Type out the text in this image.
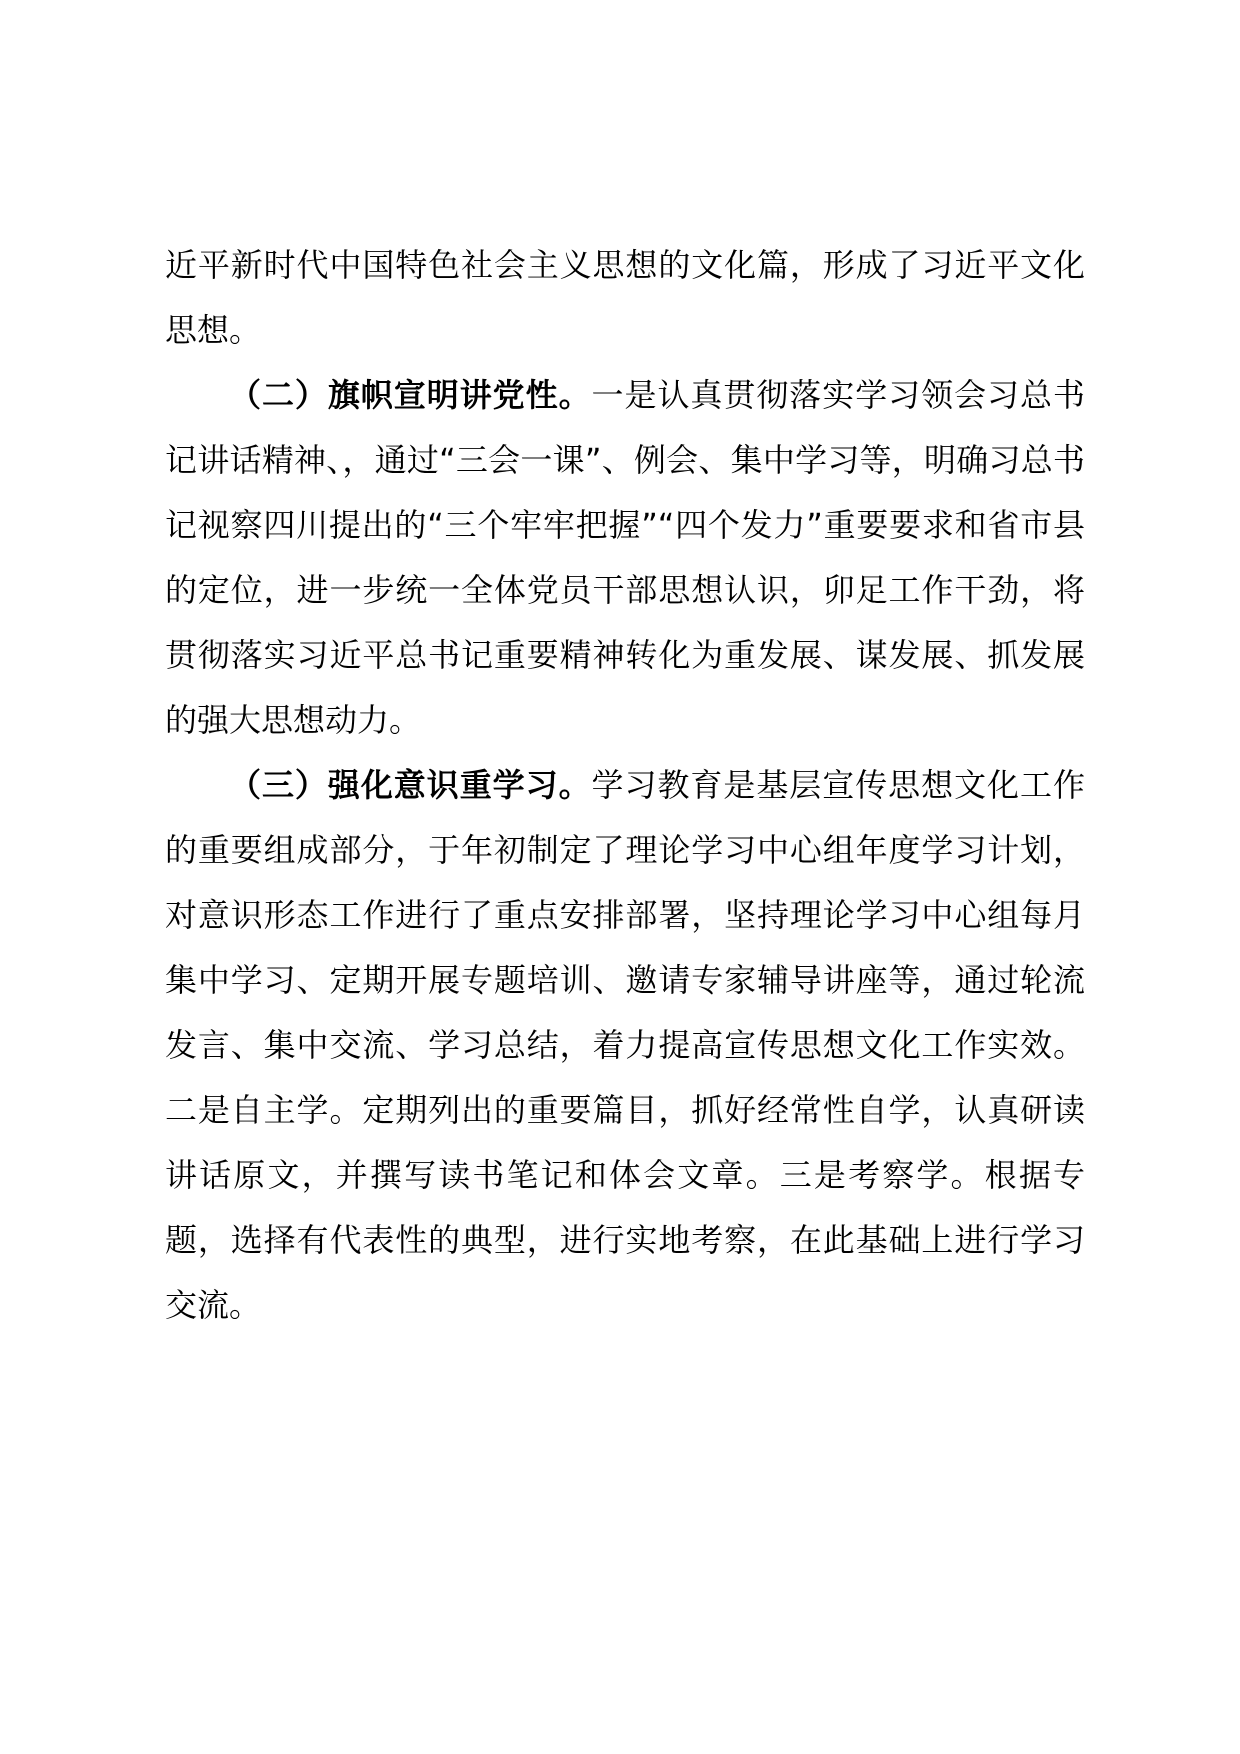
近平新时代中国特色社会主义思想的文化篇，形成了习近平文化思想。

（二）旗帜宣明讲党性。一是认真贯彻落实学习领会习总书记讲话精神、，通过“三会一课”、例会、集中学习等，明确习总书记视察四川提出的“三个牢牢把握”“四个发力”重要要求和省市县的定位，进一步统一全体党员干部思想认识，卯足工作干劲，将贯彻落实习近平总书记重要精神转化为重发展、谋发展、抓发展的强大思想动力。

（三）强化意识重学习。学习教育是基层宣传思想文化工作的重要组成部分，于年初制定了理论学习中心组年度学习计划，对意识形态工作进行了重点安排部署，坚持理论学习中心组每月集中学习、定期开展专题培训、邀请专家辅导讲座等，通过轮流发言、集中交流、学习总结，着力提高宣传思想文化工作实效。二是自主学。定期列出的重要篇目，抓好经常性自学，认真研读讲话原文，并撰写读书笔记和体会文章。三是考察学。根据专题，选择有代表性的典型，进行实地考察，在此基础上进行学习交流。
